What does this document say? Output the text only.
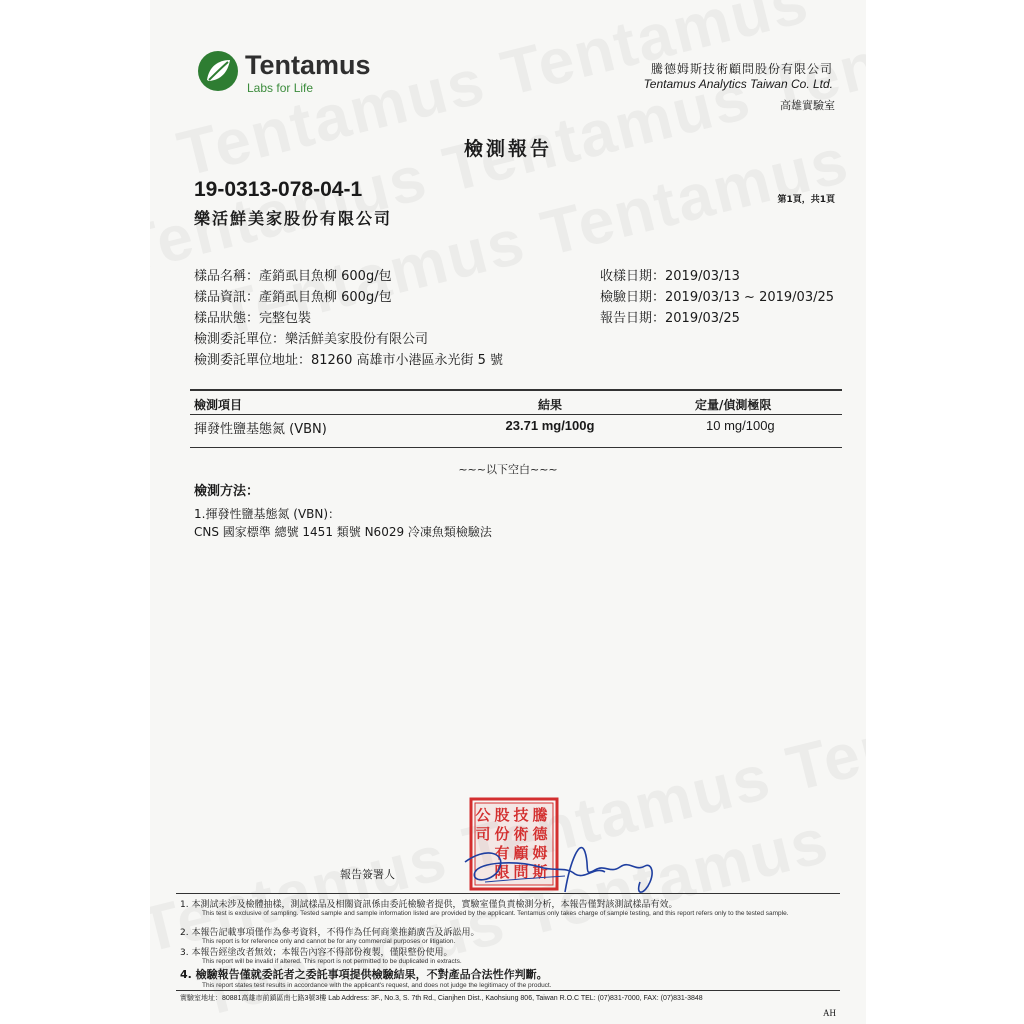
Tentamus
Labs for Life
騰德姆斯技術顧問股份有限公司
Tentamus Analytics Taiwan Co. Ltd.
高雄實驗室
檢測報告
19-0313-078-04-1	第1頁，共1頁
樂活鮮美家股份有限公司
樣品名稱：產銷虱目魚柳 600g/包
樣品資訊：產銷虱目魚柳 600g/包
樣品狀態：完整包裝
檢測委託單位：樂活鮮美家股份有限公司
檢測委託單位地址：81260 高雄市小港區永光街 5 號
收樣日期：2019/03/13
檢驗日期：2019/03/13 ~ 2019/03/25
報告日期：2019/03/25
檢測項目	結果	定量/偵測極限
揮發性鹽基態氮 (VBN)	23.71 mg/100g	10 mg/100g
~~~以下空白~~~
檢測方法：
1.揮發性鹽基態氮 (VBN)：
CNS 國家標準 總號 1451 類號 N6029 冷凍魚類檢驗法
報告簽署人
騰
德
姆
斯
技
術
顧
問
股
份
有
限
公
司
1. 本測試未涉及檢體抽樣，測試樣品及相關資訊係由委託檢驗者提供，實驗室僅負責檢測分析，本報告僅對該測試樣品有效。
This test is exclusive of sampling. Tested sample and sample information listed are provided by the applicant. Tentamus only takes charge of sample testing, and this report refers only to the tested sample.
2. 本報告記載事項僅作為參考資料，不得作為任何商業推銷廣告及訴訟用。
This report is for reference only and cannot be for any commercial purposes or litigation.
3. 本報告經塗改者無效；本報告內容不得部份複製，僅限整份使用。
This report will be invalid if altered. This report is not permitted to be duplicated in extracts.
4. 檢驗報告僅就委託者之委託事項提供檢驗結果，不對產品合法性作判斷。
This report states test results in accordance with the applicant's request, and does not judge the legitimacy of the product.
實驗室地址：80881高雄市前鎮區南七路3號3樓 Lab Address: 3F., No.3, S. 7th Rd., Cianjhen Dist., Kaohsiung 806, Taiwan R.O.C TEL: (07)831-7000, FAX: (07)831-3848
AH
